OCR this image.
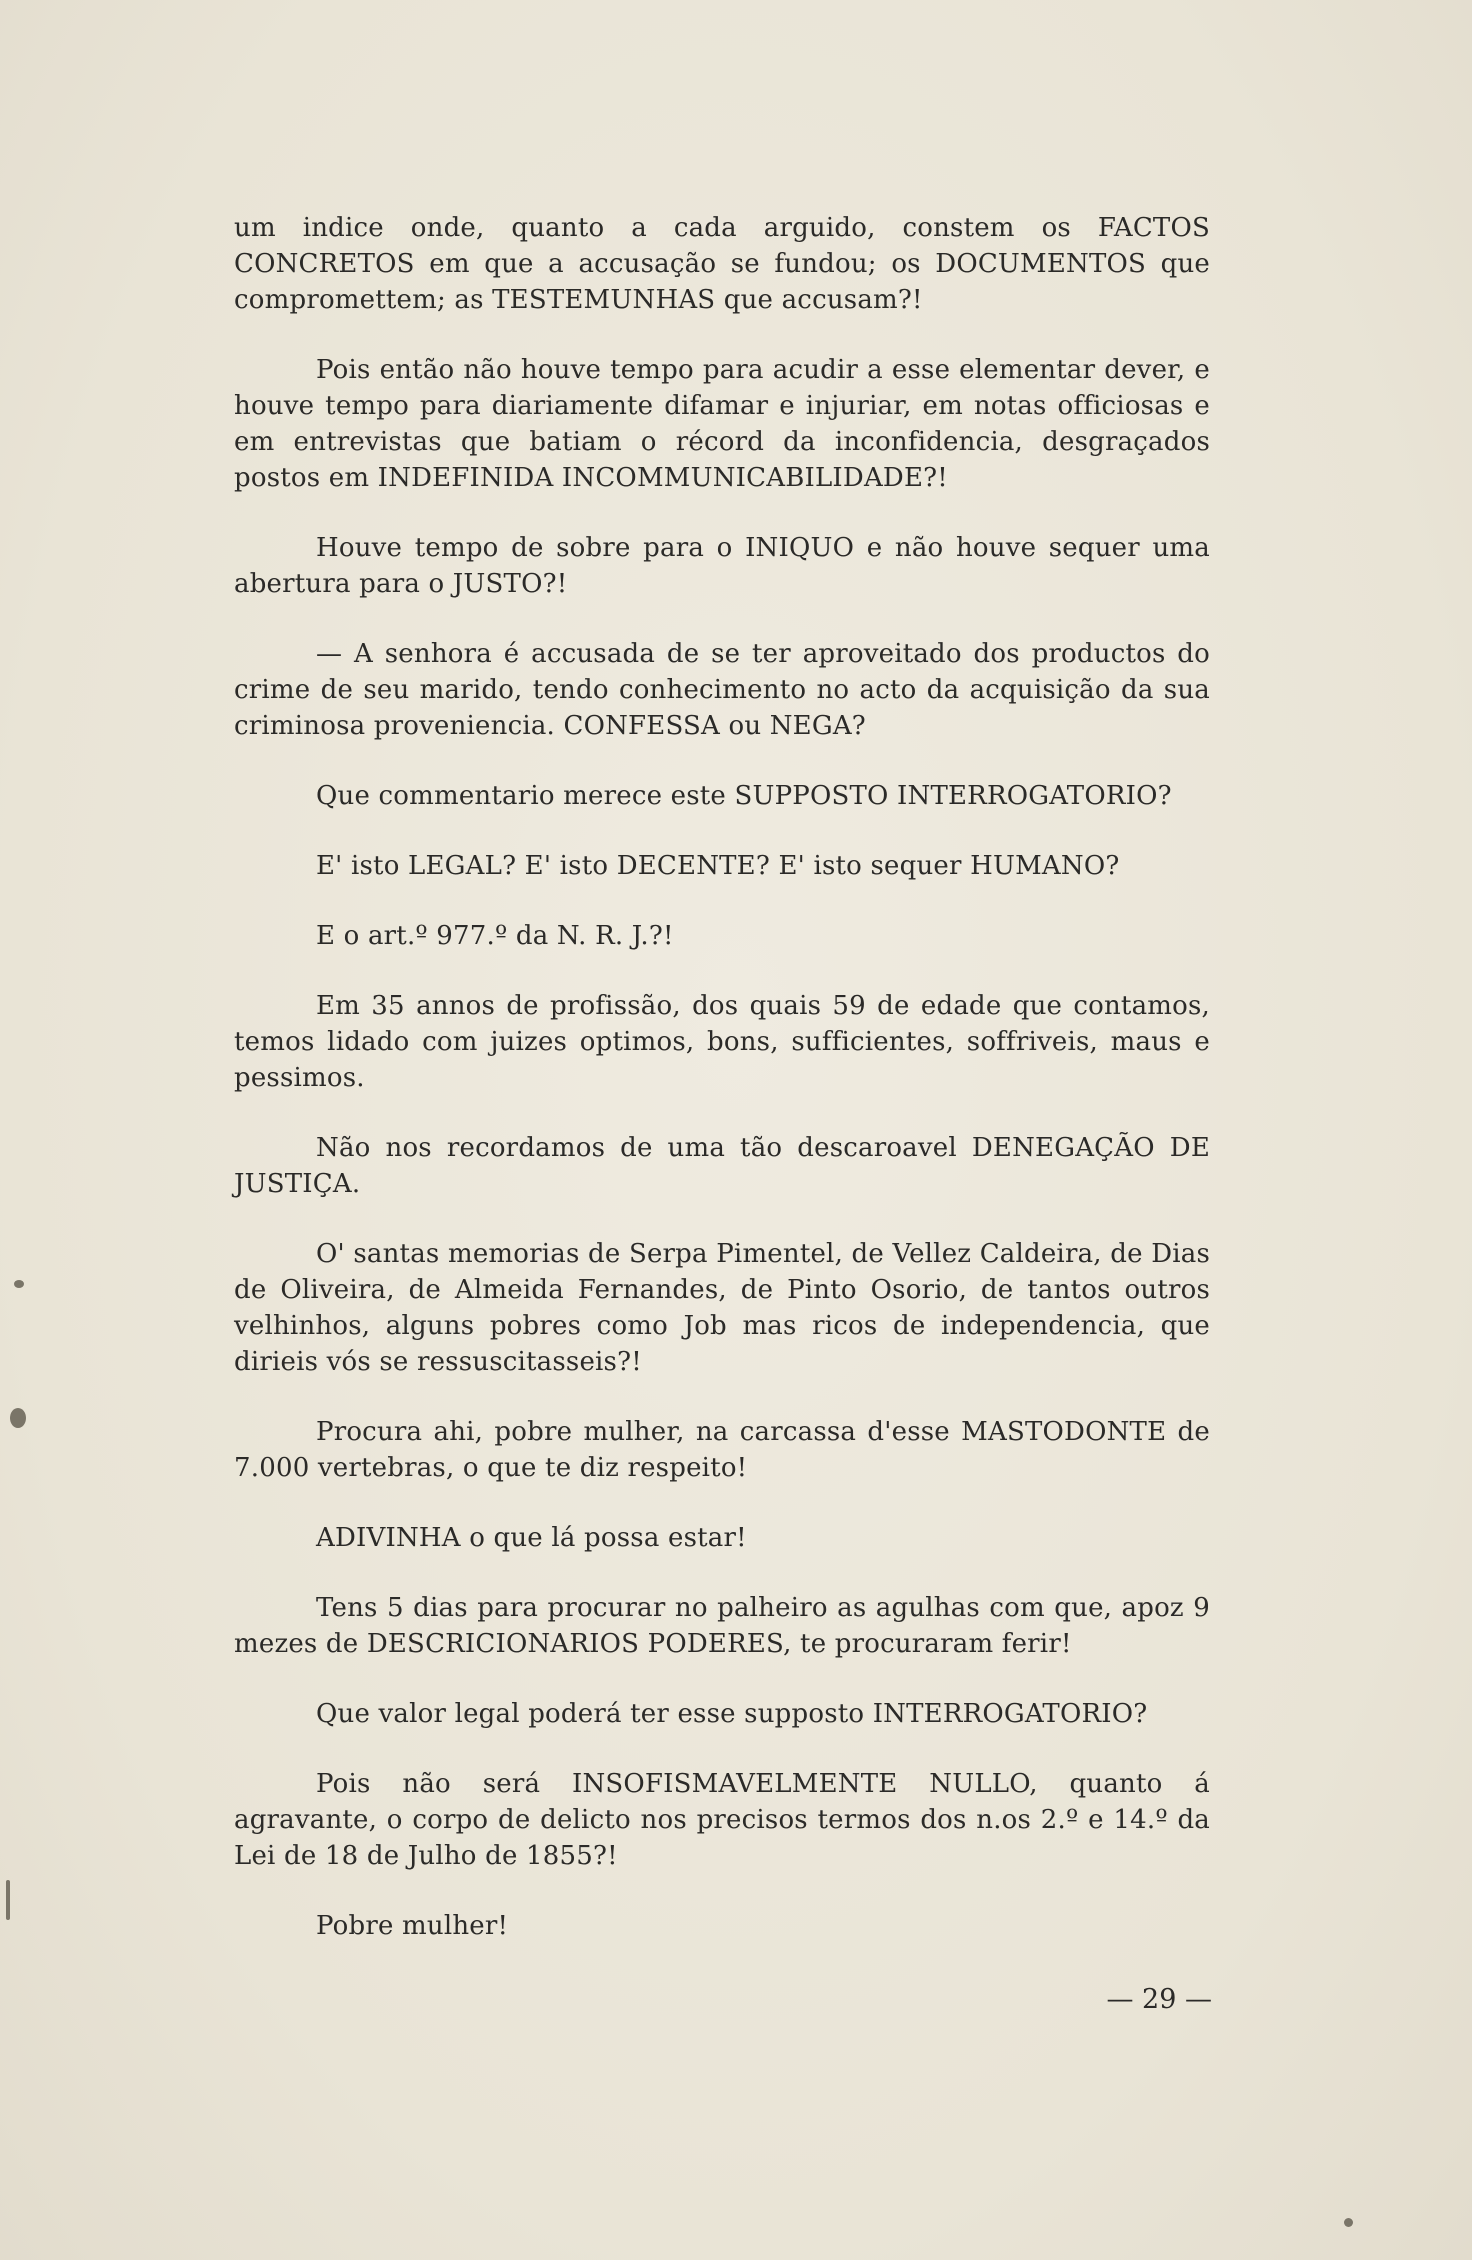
um indice onde, quanto a cada arguido, constem os FACTOS CONCRETOS em que a accusação se fundou; os DOCUMENTOS que compromettem; as TESTEMUNHAS que accusam?!

Pois então não houve tempo para acudir a esse elementar dever, e houve tempo para diariamente difamar e injuriar, em notas officiosas e em entrevistas que batiam o récord da inconfidencia, desgraçados postos em INDEFINIDA INCOMMUNICABILIDADE?!

Houve tempo de sobre para o INIQUO e não houve sequer uma abertura para o JUSTO?!

— A senhora é accusada de se ter aproveitado dos productos do crime de seu marido, tendo conhecimento no acto da acquisição da sua criminosa proveniencia. CONFESSA ou NEGA?

Que commentario merece este SUPPOSTO INTERROGATORIO?

E' isto LEGAL? E' isto DECENTE? E' isto sequer HUMANO?

E o art.º 977.º da N. R. J.?!

Em 35 annos de profissão, dos quais 59 de edade que contamos, temos lidado com juizes optimos, bons, sufficientes, soffriveis, maus e pessimos.

Não nos recordamos de uma tão descaroavel DENEGAÇÃO DE JUSTIÇA.

O' santas memorias de Serpa Pimentel, de Vellez Caldeira, de Dias de Oliveira, de Almeida Fernandes, de Pinto Osorio, de tantos outros velhinhos, alguns pobres como Job mas ricos de independencia, que dirieis vós se ressuscitasseis?!

Procura ahi, pobre mulher, na carcassa d'esse MASTODONTE de 7.000 vertebras, o que te diz respeito!

ADIVINHA o que lá possa estar!

Tens 5 dias para procurar no palheiro as agulhas com que, apoz 9 mezes de DESCRICIONARIOS PODERES, te procuraram ferir!

Que valor legal poderá ter esse supposto INTERROGATORIO?

Pois não será INSOFISMAVELMENTE NULLO, quanto á agravante, o corpo de delicto nos precisos termos dos n.os 2.º e 14.º da Lei de 18 de Julho de 1855?!

Pobre mulher!

— 29 —
